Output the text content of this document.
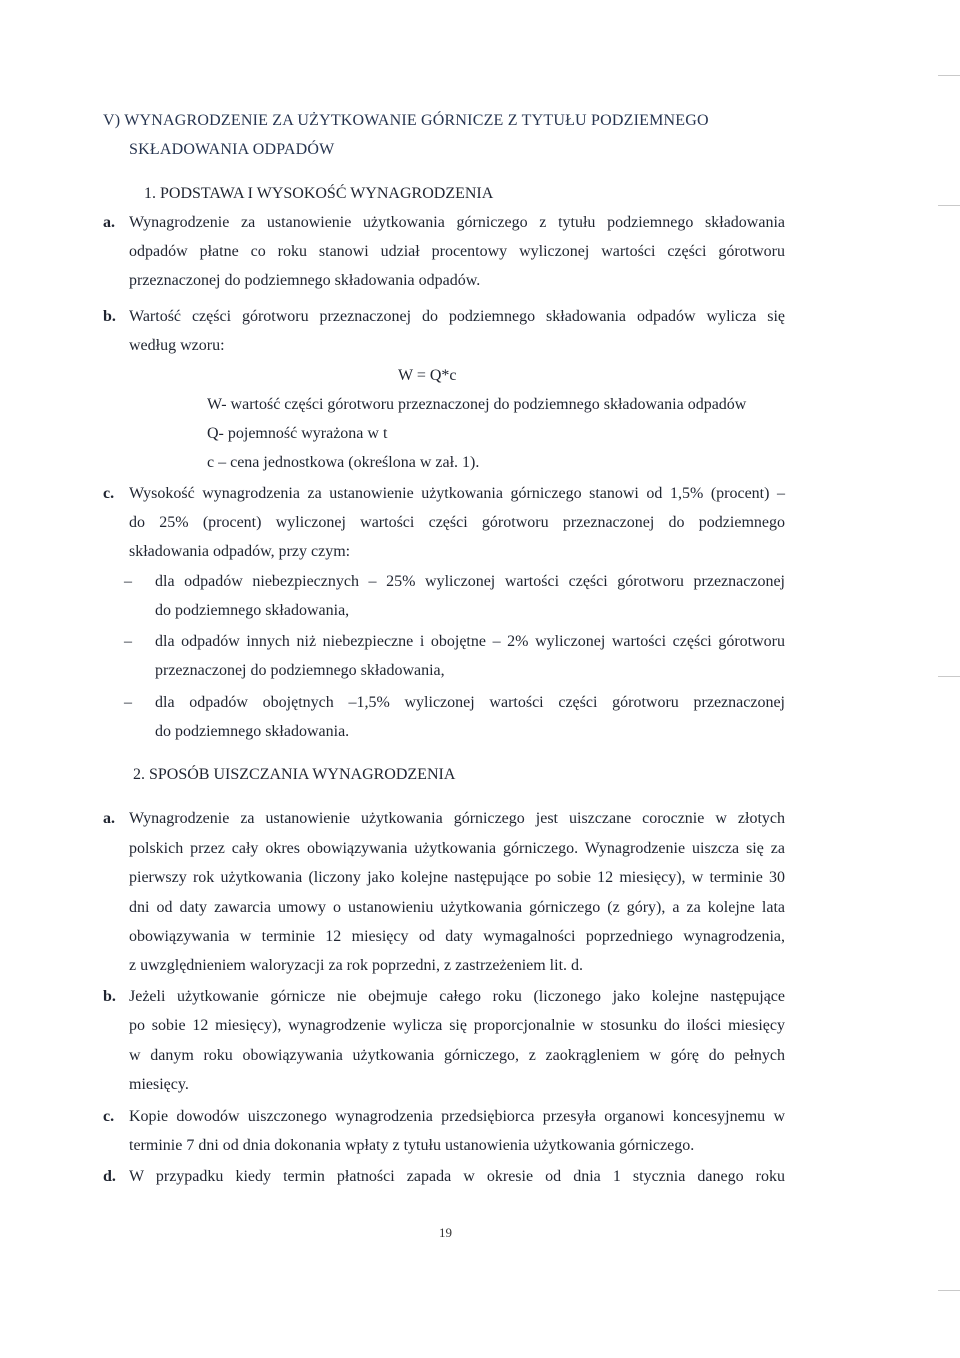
V) WYNAGRODZENIE ZA UŻYTKOWANIE GÓRNICZE Z TYTUŁU PODZIEMNEGO

SKŁADOWANIA ODPADÓW

1. PODSTAWA I WYSOKOŚĆ WYNAGRODZENIA

a. Wynagrodzenie za ustanowienie użytkowania górniczego z tytułu podziemnego składowania

odpadów płatne co roku stanowi udział procentowy wyliczonej wartości części górotworu

przeznaczonej do podziemnego składowania odpadów.

b. Wartość części górotworu przeznaczonej do podziemnego składowania odpadów wylicza się

według wzoru:

W = Q*c

W- wartość części górotworu przeznaczonej do podziemnego składowania odpadów

Q- pojemność wyrażona w t

c – cena jednostkowa (określona w zał. 1).

c. Wysokość wynagrodzenia za ustanowienie użytkowania górniczego stanowi od 1,5% (procent) –

do 25% (procent) wyliczonej wartości części górotworu przeznaczonej do podziemnego

składowania odpadów, przy czym:

– dla odpadów niebezpiecznych – 25% wyliczonej wartości części górotworu przeznaczonej

do podziemnego składowania,

– dla odpadów innych niż niebezpieczne i obojętne – 2% wyliczonej wartości części górotworu

przeznaczonej do podziemnego składowania,

– dla odpadów obojętnych –1,5% wyliczonej wartości części górotworu przeznaczonej

do podziemnego składowania.

2. SPOSÓB UISZCZANIA WYNAGRODZENIA

a. Wynagrodzenie za ustanowienie użytkowania górniczego jest uiszczane corocznie w złotych

polskich przez cały okres obowiązywania użytkowania górniczego. Wynagrodzenie uiszcza się za

pierwszy rok użytkowania (liczony jako kolejne następujące po sobie 12 miesięcy), w terminie 30

dni od daty zawarcia umowy o ustanowieniu użytkowania górniczego (z góry), a za kolejne lata

obowiązywania w terminie 12 miesięcy od daty wymagalności poprzedniego wynagrodzenia,

z uwzględnieniem waloryzacji za rok poprzedni, z zastrzeżeniem lit. d.

b. Jeżeli użytkowanie górnicze nie obejmuje całego roku (liczonego jako kolejne następujące

po sobie 12 miesięcy), wynagrodzenie wylicza się proporcjonalnie w stosunku do ilości miesięcy

w danym roku obowiązywania użytkowania górniczego, z zaokrągleniem w górę do pełnych

miesięcy.

c. Kopie dowodów uiszczonego wynagrodzenia przedsiębiorca przesyła organowi koncesyjnemu w

terminie 7 dni od dnia dokonania wpłaty z tytułu ustanowienia użytkowania górniczego.

d. W przypadku kiedy termin płatności zapada w okresie od dnia 1 stycznia danego roku

19
